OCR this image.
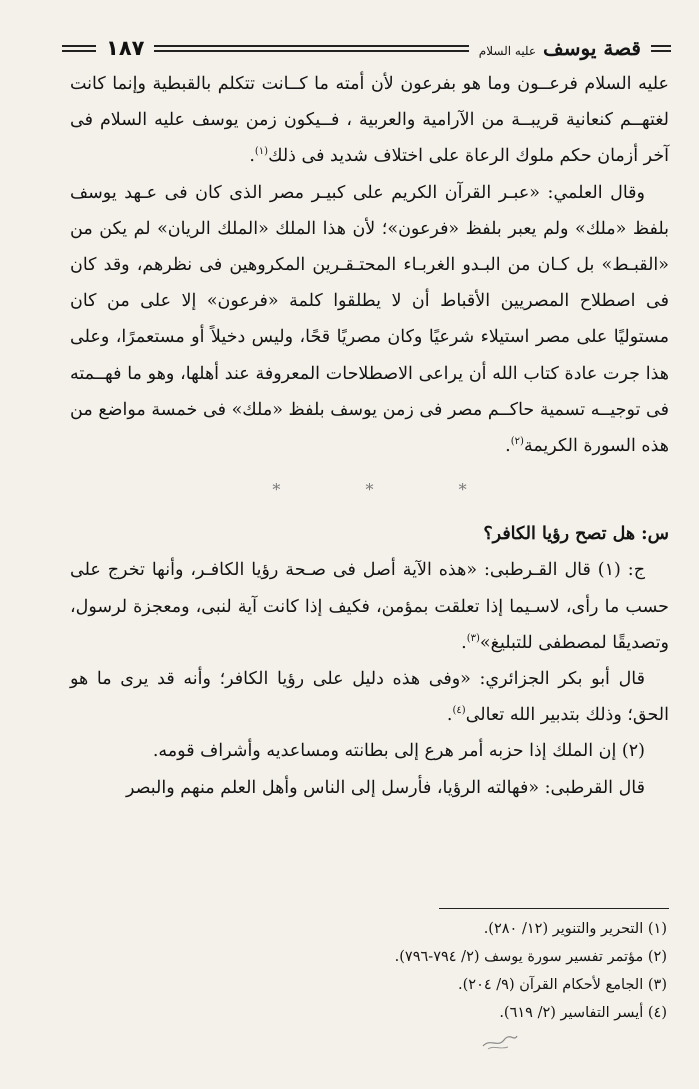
١٨٧	قصة يوسف عليه السلام

عليه السلام فرعــون وما هو بفرعون لأن أمته ما كــانت تتكلم بالقبطية وإنما كانت لغتهــم كنعانية قريبــة من الآرامية والعربية ، فــيكون زمن يوسف عليه السلام فى آخر أزمان حكم ملوك الرعاة على اختلاف شديد فى ذلك$^{(١)}$.

وقال العلمي: «عبـر القرآن الكريم على كبيـر مصر الذى كان فى عـهد يوسف بلفظ «ملك» ولم يعبر بلفظ «فرعون»؛ لأن هذا الملك «الملك الريان» لم يكن من «القبـط» بل كـان من البـدو الغربـاء المحتـقـرين المكروهين فى نظرهم، وقد كان فى اصطلاح المصريين الأقباط أن لا يطلقوا كلمة «فرعون» إلا على من كان مستوليًا على مصر استيلاء شرعيًا وكان مصريًا قحًا، وليس دخيلاً أو مستعمرًا، وعلى هذا جرت عادة كتاب الله أن يراعى الاصطلاحات المعروفة عند أهلها، وهو ما فهــمته فى توجيــه تسمية حاكــم مصر فى زمن يوسف بلفظ «ملك» فى خمسة مواضع من هذه السورة الكريمة$^{(٢)}$.

* * *

س: هل تصح رؤيا الكافر؟

ج: (١) قال القـرطبى: «هذه الآية أصل فى صـحة رؤيا الكافـر، وأنها تخرج على حسب ما رأى، لاسـيما إذا تعلقت بمؤمن، فكيف إذا كانت آية لنبى، ومعجزة لرسول، وتصديقًا لمصطفى للتبليغ»$^{(٣)}$.

قال أبو بكر الجزائري: «وفى هذه دليل على رؤيا الكافر؛ وأنه قد يرى ما هو الحق؛ وذلك بتدبير الله تعالى$^{(٤)}$.

(٢) إن الملك إذا حزبه أمر هرع إلى بطانته ومساعديه وأشراف قومه.

قال القرطبى: «فهالته الرؤيا، فأرسل إلى الناس وأهل العلم منهم والبصر

(١) التحرير والتنوير (١٢/ ٢٨٠).
(٢) مؤتمر تفسير سورة يوسف (٢/ ٧٩٤-٧٩٦).
(٣) الجامع لأحكام القرآن (٩/ ٢٠٤).
(٤) أيسر التفاسير (٢/ ٦١٩).
